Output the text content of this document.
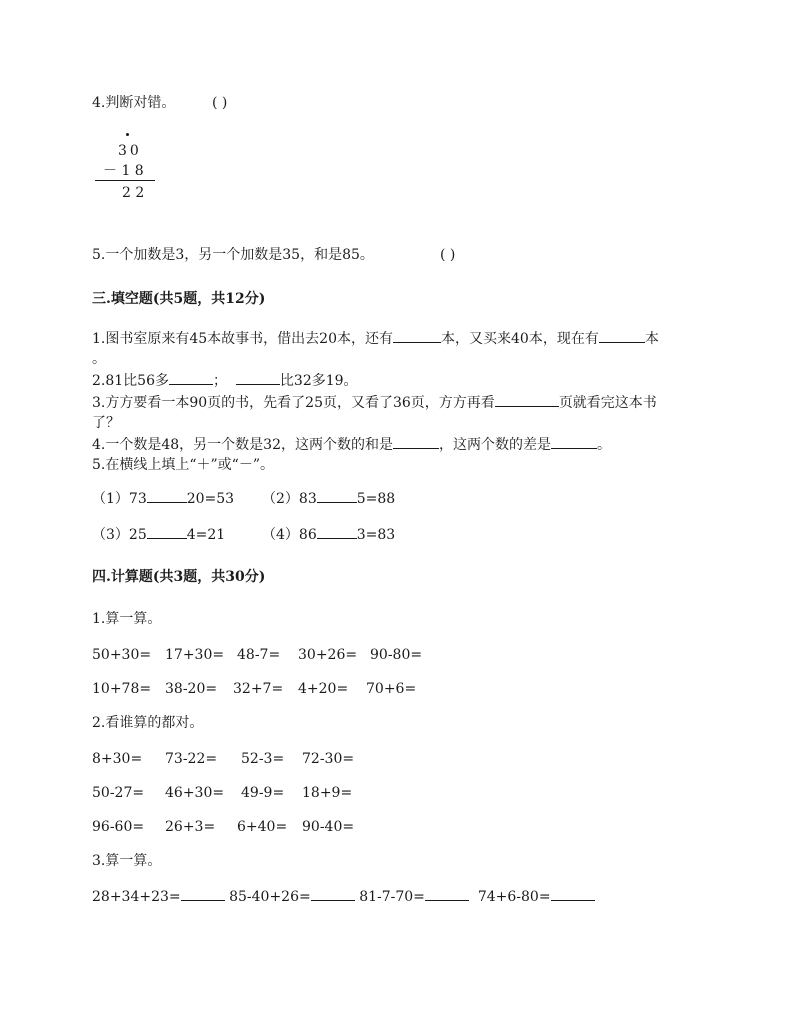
4.判断对错。	( )
30
－ 1 8
2 2
5.一个加数是3，另一个加数是35，和是85。	( )
三.填空题(共5题，共12分)
1.图书室原来有45本故事书，借出去20本，还有	本，又买来40本，现在有	本
。
2.81比56多	；	比32多19。
3.方方要看一本90页的书，先看了25页，又看了36页，方方再看	页就看完这本书
了？
4.一个数是48，另一个数是32，这两个数的和是	，这两个数的差是	。
5.在横线上填上“＋”或“－”。
（1）73	20=53 （2）83	5=88
（3）25	4=21	（4）86	3=83
四.计算题(共3题，共30分)
1.算一算。
50+30= 17+30= 48-7= 30+26= 90-80=
10+78= 38-20= 32+7= 4+20= 70+6=
2.看谁算的都对。
8+30= 73-22= 52-3= 72-30=
50-27= 46+30= 49-9= 18+9=
96-60= 26+3= 6+40= 90-40=
3.算一算。
28+34+23=	85-40+26=	81-7-70=	74+6-80=
